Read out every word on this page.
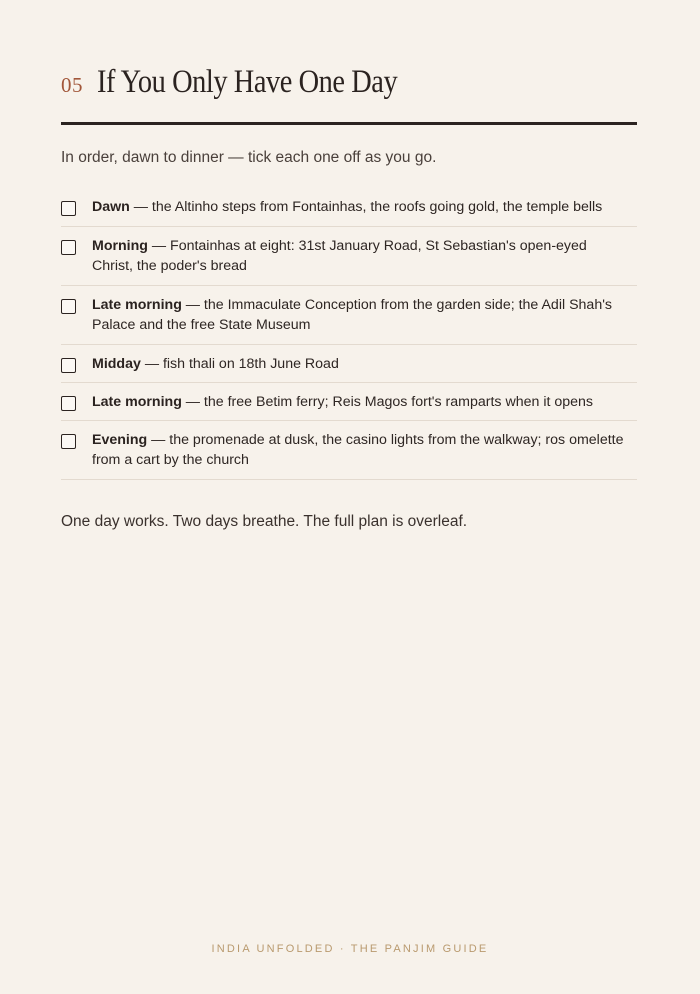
05 If You Only Have One Day
In order, dawn to dinner — tick each one off as you go.
Dawn — the Altinho steps from Fontainhas, the roofs going gold, the temple bells
Morning — Fontainhas at eight: 31st January Road, St Sebastian's open-eyed Christ, the poder's bread
Late morning — the Immaculate Conception from the garden side; the Adil Shah's Palace and the free State Museum
Midday — fish thali on 18th June Road
Late morning — the free Betim ferry; Reis Magos fort's ramparts when it opens
Evening — the promenade at dusk, the casino lights from the walkway; ros omelette from a cart by the church
One day works. Two days breathe. The full plan is overleaf.
INDIA UNFOLDED · THE PANJIM GUIDE
